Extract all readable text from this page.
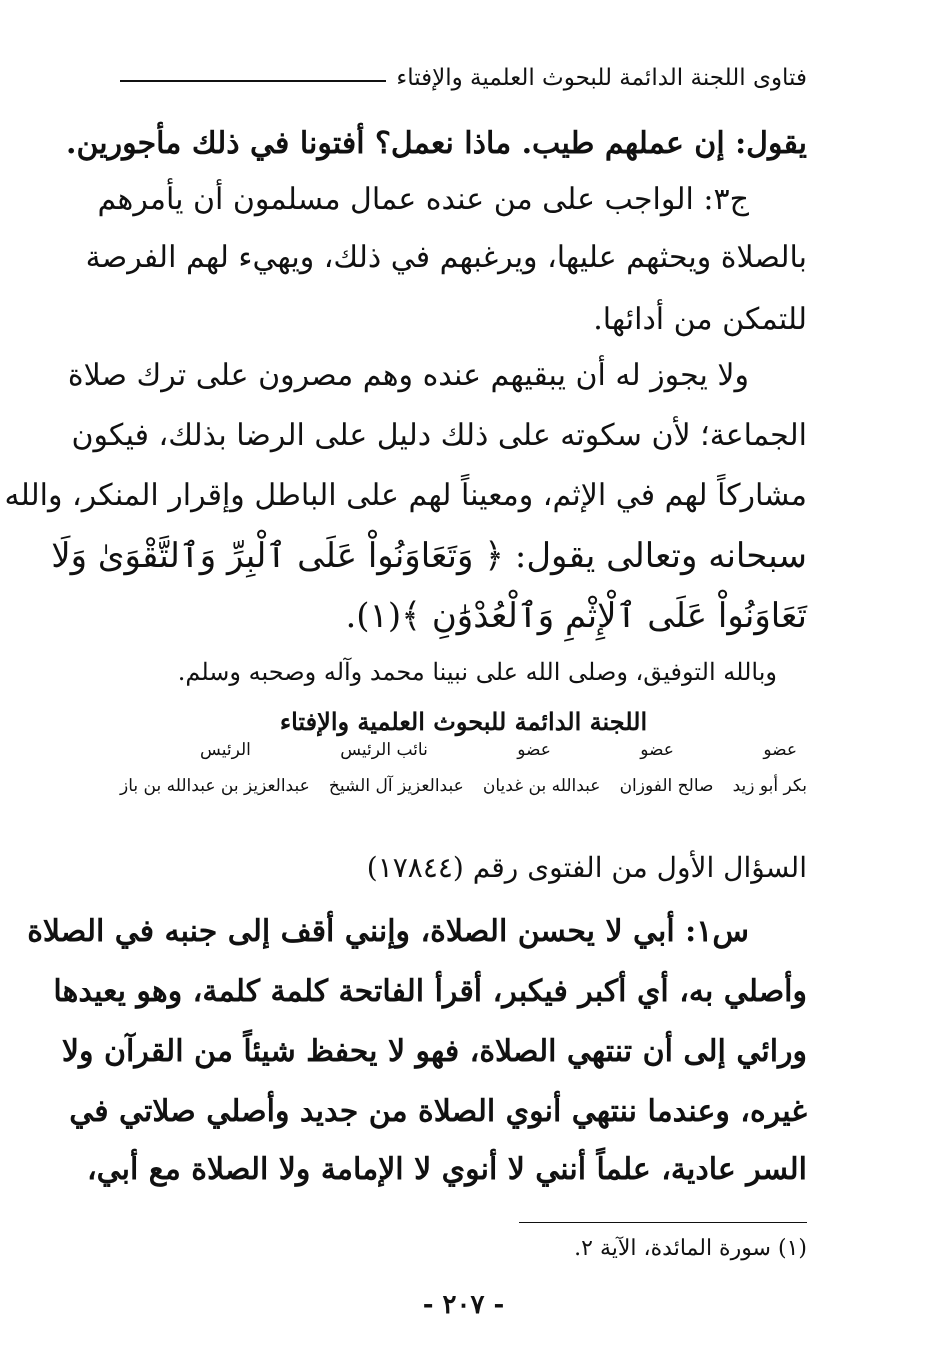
فتاوى اللجنة الدائمة للبحوث العلمية والإفتاء
يقول: إن عملهم طيب. ماذا نعمل؟ أفتونا في ذلك مأجورين.
ج٣: الواجب على من عنده عمال مسلمون أن يأمرهم
بالصلاة ويحثهم عليها، ويرغبهم في ذلك، ويهيء لهم الفرصة
للتمكن من أدائها.
ولا يجوز له أن يبقيهم عنده وهم مصرون على ترك صلاة
الجماعة؛ لأن سكوته على ذلك دليل على الرضا بذلك، فيكون
مشاركاً لهم في الإثم، ومعيناً لهم على الباطل وإقرار المنكر، والله
سبحانه وتعالى يقول: ﴿ وَتَعَاوَنُواْ عَلَى ٱلْبِرِّ وَٱلتَّقْوَىٰ وَلَا
تَعَاوَنُواْ عَلَى ٱلْإِثْمِ وَٱلْعُدْوَٰنِ ﴾(١).
وبالله التوفيق، وصلى الله على نبينا محمد وآله وصحبه وسلم.
اللجنة الدائمة للبحوث العلمية والإفتاء
عضو
عضو
عضو
نائب الرئيس
الرئيس
بكر أبو زيد
صالح الفوزان
عبدالله بن غديان
عبدالعزيز آل الشيخ
عبدالعزيز بن عبدالله بن باز
السؤال الأول من الفتوى رقم (١٧٨٤٤)
س١: أبي لا يحسن الصلاة، وإنني أقف إلى جنبه في الصلاة
وأصلي به، أي أكبر فيكبر، أقرأ الفاتحة كلمة كلمة، وهو يعيدها
ورائي إلى أن تنتهي الصلاة، فهو لا يحفظ شيئاً من القرآن ولا
غيره، وعندما ننتهي أنوي الصلاة من جديد وأصلي صلاتي في
السر عادية، علماً أنني لا أنوي لا الإمامة ولا الصلاة مع أبي،
(١) سورة المائدة، الآية ٢.
- ٢٠٧ -
